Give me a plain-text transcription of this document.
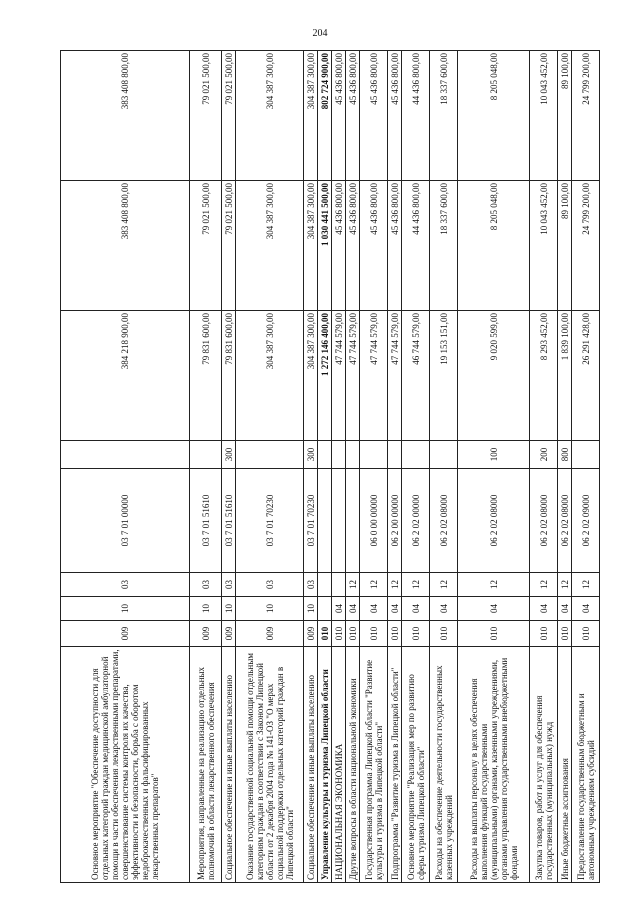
204
Основное мероприятие "Обеспечение доступности для отдельных категорий граждан медицинской амбулаторной помощи в части обеспечения лекарственными препаратами, совершенствование системы контроля их качества, эффективности и безопасности, борьба с оборотом недоброкачественных и фальсифицированных лекарственных препаратов"	009	10	03	03 7 01 00000		384 218 900,00	383 408 800,00	383 408 800,00
Мероприятия, направленные на реализацию отдельных полномочий в области лекарственного обеспечения	009	10	03	03 7 01 51610		79 831 600,00	79 021 500,00	79 021 500,00
Социальное обеспечение и иные выплаты населению	009	10	03	03 7 01 51610	300	79 831 600,00	79 021 500,00	79 021 500,00
Оказание государственной социальной помощи отдельным категориям граждан в соответствии с Законом Липецкой области от 2 декабря 2004 года № 141-ОЗ "О мерах социальной поддержки отдельных категорий граждан в Липецкой области"	009	10	03	03 7 01 70230		304 387 300,00	304 387 300,00	304 387 300,00
Социальное обеспечение и иные выплаты населению	009	10	03	03 7 01 70230	300	304 387 300,00	304 387 300,00	304 387 300,00
Управление культуры и туризма Липецкой области	010					1 272 146 400,00	1 030 441 500,00	802 724 900,00
НАЦИОНАЛЬНАЯ ЭКОНОМИКА	010	04				47 744 579,00	45 436 800,00	45 436 800,00
Другие вопросы в области национальной экономики	010	04	12			47 744 579,00	45 436 800,00	45 436 800,00
Государственная программа Липецкой области "Развитие культуры и туризма в Липецкой области"	010	04	12	06 0 00 00000		47 744 579,00	45 436 800,00	45 436 800,00
Подпрограмма "Развитие туризма в Липецкой области"	010	04	12	06 2 00 00000		47 744 579,00	45 436 800,00	45 436 800,00
Основное мероприятие "Реализация мер по развитию сферы туризма Липецкой области"	010	04	12	06 2 02 00000		46 744 579,00	44 436 800,00	44 436 800,00
Расходы на обеспечение деятельности государственных казенных учреждений	010	04	12	06 2 02 08000		19 153 151,00	18 337 600,00	18 337 600,00
Расходы на выплаты персоналу в целях обеспечения выполнения функций государственными (муниципальными) органами, казенными учреждениями, органами управления государственными внебюджетными фондами	010	04	12	06 2 02 08000	100	9 020 599,00	8 205 048,00	8 205 048,00
Закупка товаров, работ и услуг для обеспечения государственных (муниципальных) нужд	010	04	12	06 2 02 08000	200	8 293 452,00	10 043 452,00	10 043 452,00
Иные бюджетные ассигнования	010	04	12	06 2 02 08000	800	1 839 100,00	89 100,00	89 100,00
Предоставление государственным бюджетным и автономным учреждениям субсидий	010	04	12	06 2 02 09000		26 291 428,00	24 799 200,00	24 799 200,00
